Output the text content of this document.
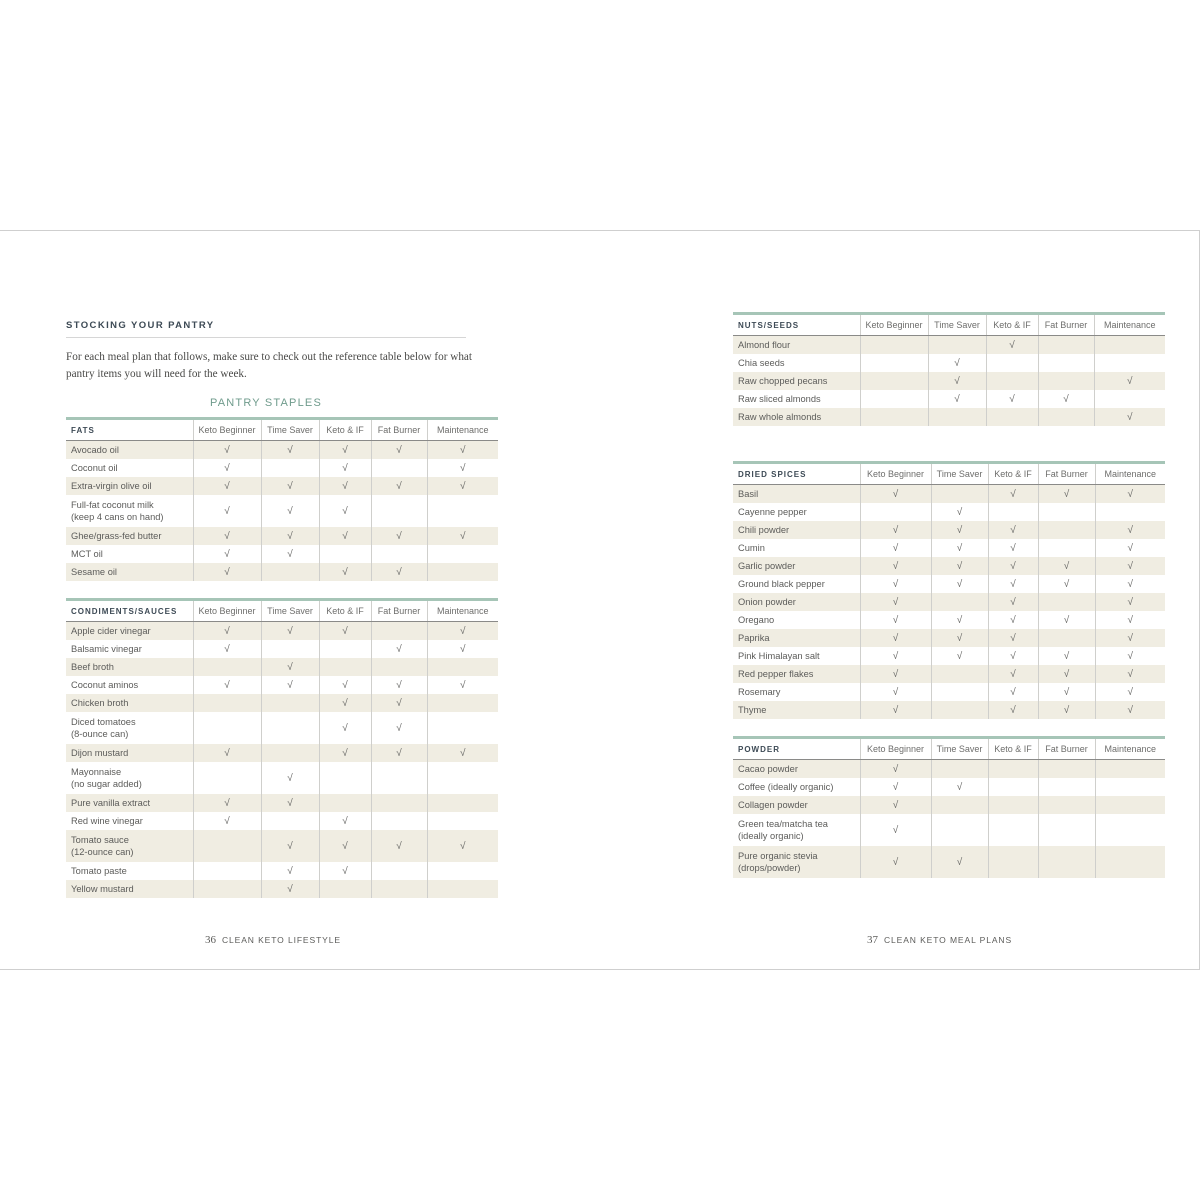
STOCKING YOUR PANTRY
For each meal plan that follows, make sure to check out the reference table below for what pantry items you will need for the week.
PANTRY STAPLES
FATS	Keto Beginner	Time Saver	Keto & IF	Fat Burner	Maintenance
Avocado oil	√	√	√	√	√
Coconut oil	√		√		√
Extra-virgin olive oil	√	√	√	√	√
Full-fat coconut milk
(keep 4 cans on hand)	√	√	√		
Ghee/grass-fed butter	√	√	√	√	√
MCT oil	√	√			
Sesame oil	√		√	√	
CONDIMENTS/SAUCES	Keto Beginner	Time Saver	Keto & IF	Fat Burner	Maintenance
Apple cider vinegar	√	√	√		√
Balsamic vinegar	√			√	√
Beef broth		√			
Coconut aminos	√	√	√	√	√
Chicken broth			√	√	
Diced tomatoes
(8-ounce can)			√	√	
Dijon mustard	√		√	√	√
Mayonnaise
(no sugar added)		√			
Pure vanilla extract	√	√			
Red wine vinegar	√		√		
Tomato sauce
(12-ounce can)		√	√	√	√
Tomato paste		√	√		
Yellow mustard		√			
NUTS/SEEDS	Keto Beginner	Time Saver	Keto & IF	Fat Burner	Maintenance
Almond flour			√		
Chia seeds		√			
Raw chopped pecans		√			√
Raw sliced almonds		√	√	√	
Raw whole almonds					√
DRIED SPICES	Keto Beginner	Time Saver	Keto & IF	Fat Burner	Maintenance
Basil	√		√	√	√
Cayenne pepper		√			
Chili powder	√	√	√		√
Cumin	√	√	√		√
Garlic powder	√	√	√	√	√
Ground black pepper	√	√	√	√	√
Onion powder	√		√		√
Oregano	√	√	√	√	√
Paprika	√	√	√		√
Pink Himalayan salt	√	√	√	√	√
Red pepper flakes	√		√	√	√
Rosemary	√		√	√	√
Thyme	√		√	√	√
POWDER	Keto Beginner	Time Saver	Keto & IF	Fat Burner	Maintenance
Cacao powder	√				
Coffee (ideally organic)	√	√			
Collagen powder	√				
Green tea/matcha tea
(ideally organic)	√				
Pure organic stevia
(drops/powder)	√	√			
36 CLEAN KETO LIFESTYLE	37 CLEAN KETO MEAL PLANS
